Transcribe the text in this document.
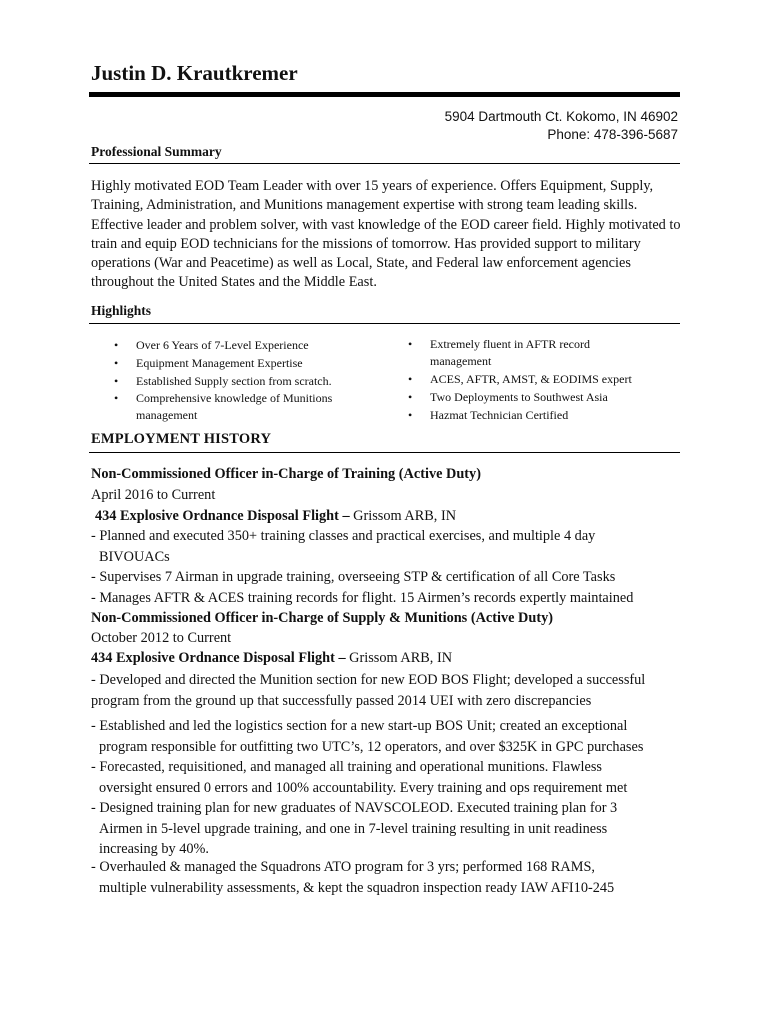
Justin D. Krautkremer
5904 Dartmouth Ct. Kokomo, IN 46902
Phone: 478-396-5687
Professional Summary

Highly motivated EOD Team Leader with over 15 years of experience. Offers Equipment, Supply, Training, Administration, and Munitions management expertise with strong team leading skills. Effective leader and problem solver, with vast knowledge of the EOD career field. Highly motivated to train and equip EOD technicians for the missions of tomorrow. Has provided support to military operations (War and Peacetime) as well as Local, State, and Federal law enforcement agencies throughout the United States and the Middle East.

Highlights
• Over 6 Years of 7-Level Experience
• Equipment Management Expertise
• Established Supply section from scratch.
• Comprehensive knowledge of Munitions management
• Extremely fluent in AFTR record management
• ACES, AFTR, AMST, & EODIMS expert
• Two Deployments to Southwest Asia
• Hazmat Technician Certified
EMPLOYMENT HISTORY
Non-Commissioned Officer in-Charge of Training (Active Duty)
April 2016 to Current
434 Explosive Ordnance Disposal Flight – Grissom ARB, IN
- Planned and executed 350+ training classes and practical exercises, and multiple 4 day
BIVOUACs
- Supervises 7 Airman in upgrade training, overseeing STP & certification of all Core Tasks
- Manages AFTR & ACES training records for flight. 15 Airmen’s records expertly maintained
Non-Commissioned Officer in-Charge of Supply & Munitions (Active Duty)
October 2012 to Current
434 Explosive Ordnance Disposal Flight – Grissom ARB, IN
- Developed and directed the Munition section for new EOD BOS Flight; developed a successful
program from the ground up that successfully passed 2014 UEI with zero discrepancies
- Established and led the logistics section for a new start-up BOS Unit; created an exceptional
program responsible for outfitting two UTC’s, 12 operators, and over $325K in GPC purchases
- Forecasted, requisitioned, and managed all training and operational munitions. Flawless
oversight ensured 0 errors and 100% accountability. Every training and ops requirement met
- Designed training plan for new graduates of NAVSCOLEOD. Executed training plan for 3
Airmen in 5-level upgrade training, and one in 7-level training resulting in unit readiness
increasing by 40%.
- Overhauled & managed the Squadrons ATO program for 3 yrs; performed 168 RAMS,
multiple vulnerability assessments, & kept the squadron inspection ready IAW AFI10-245
